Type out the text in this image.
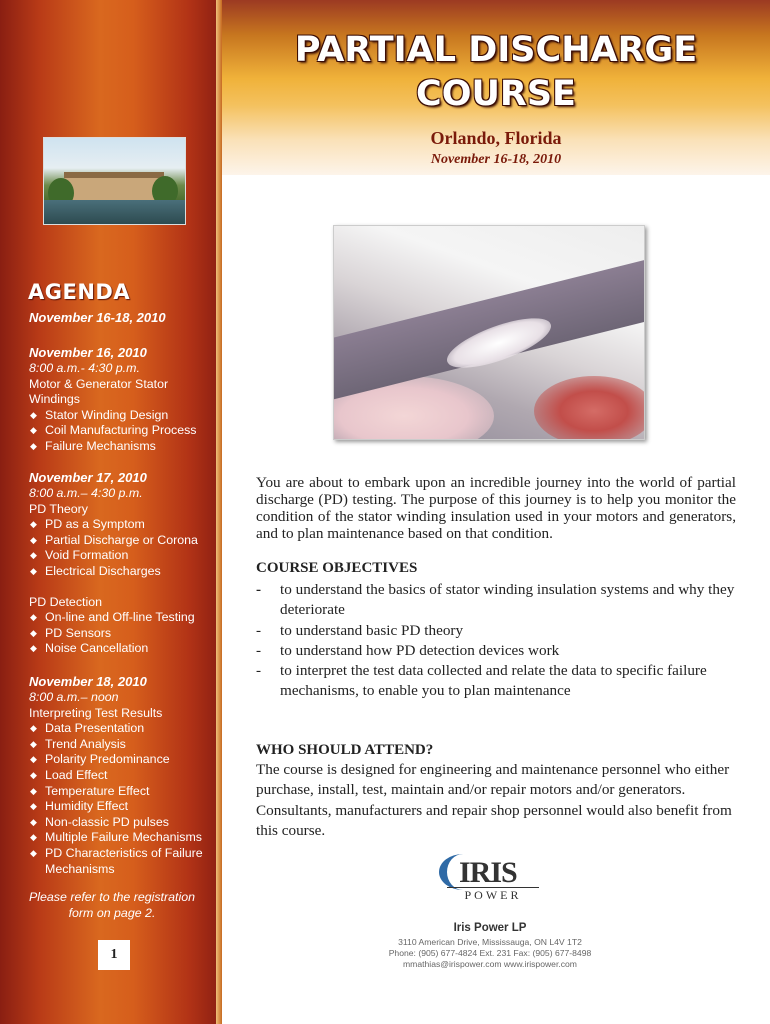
AGENDA
November 16-18, 2010
November 16, 2010
8:00 a.m.- 4:30 p.m.
Motor & Generator Stator Windings
◆ Stator Winding Design
◆ Coil Manufacturing Process
◆ Failure Mechanisms
November 17, 2010
8:00 a.m.– 4:30 p.m.
PD Theory
◆ PD as a Symptom
◆ Partial Discharge or Corona
◆ Void Formation
◆ Electrical Discharges
PD Detection
◆ On-line and Off-line Testing
◆ PD Sensors
◆ Noise Cancellation
November 18, 2010
8:00 a.m.– noon
Interpreting Test Results
◆ Data Presentation
◆ Trend Analysis
◆ Polarity Predominance
◆ Load Effect
◆ Temperature Effect
◆ Humidity Effect
◆ Non-classic PD pulses
◆ Multiple Failure Mechanisms
◆ PD Characteristics of Failure Mechanisms
Please refer to the registration form on page 2.
1
PARTIAL DISCHARGE
COURSE
Orlando, Florida
November 16-18, 2010
You are about to embark upon an incredible journey into the world of partial discharge (PD) testing. The purpose of this journey is to help you monitor the condition of the stator winding insulation used in your motors and generators, and to plan maintenance based on that condition.
COURSE OBJECTIVES
- to understand the basics of stator winding insulation systems and why they deteriorate
- to understand basic PD theory
- to understand how PD detection devices work
- to interpret the test data collected and relate the data to specific failure mechanisms, to enable you to plan maintenance
WHO SHOULD ATTEND?
The course is designed for engineering and maintenance personnel who either purchase, install, test, maintain and/or repair motors and/or generators. Consultants, manufacturers and repair shop personnel would also benefit from this course.
IRIS
POWER
Iris Power LP
3110 American Drive, Mississauga, ON L4V 1T2
Phone: (905) 677-4824 Ext. 231 Fax: (905) 677-8498
mmathias@irispower.com www.irispower.com
